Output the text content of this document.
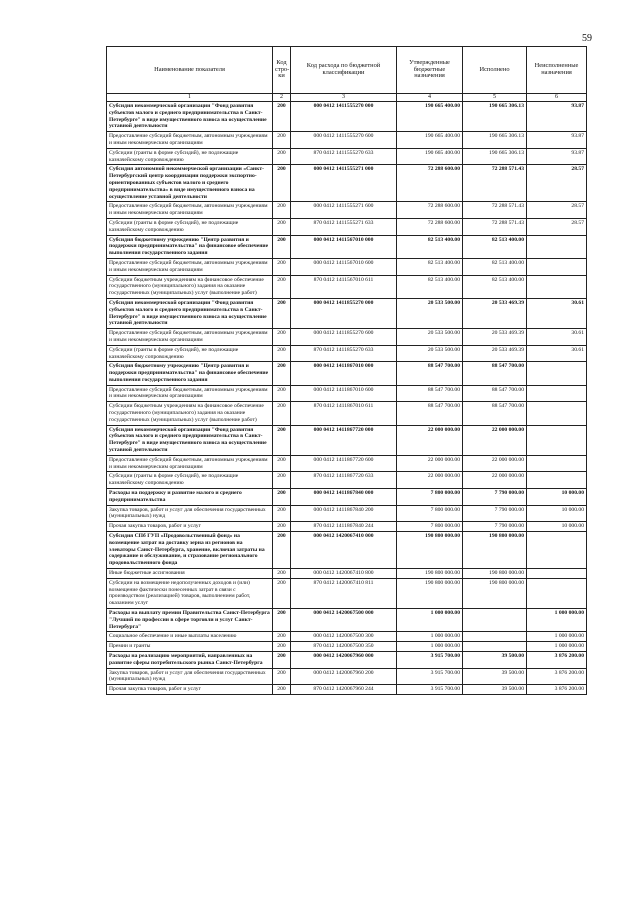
59
Наименование показателя	Код стро-ки	Код расхода по бюджетной классификации	Утвержденные бюджетные назначения	Исполнено	Неисполненные назначения
1	2	3	4	5	6
Субсидия некоммерческой организации "Фонд развития субъектов малого и среднего предпринимательства в Санкт-Петербурге" в виде имущественного взноса на осуществление уставной деятельности	200	000 0412 1411555270 000	190 665 400.00	190 665 306.13	93.87
Предоставление субсидий бюджетным, автономным учреждениям и иным некоммерческим организациям	200	000 0412 1411555270 600	190 665 400.00	190 665 306.13	93.87
Субсидии (гранты в форме субсидий), не подлежащие казначейскому сопровождению	200	870 0412 1411555270 633	190 665 400.00	190 665 306.13	93.87
Субсидия автономной некоммерческой организации «Санкт-Петербургский центр координации поддержки экспортно-ориентированных субъектов малого и среднего предпринимательства» в виде имущественного взноса на осуществление уставной деятельности	200	000 0412 1411555271 000	72 288 600.00	72 288 571.43	28.57
Предоставление субсидий бюджетным, автономным учреждениям и иным некоммерческим организациям	200	000 0412 1411555271 600	72 288 600.00	72 288 571.43	28.57
Субсидии (гранты в форме субсидий), не подлежащие казначейскому сопровождению	200	870 0412 1411555271 633	72 288 600.00	72 288 571.43	28.57
Субсидия бюджетному учреждению "Центр развития и поддержки предпринимательства" на финансовое обеспечение выполнения государственного задания	200	000 0412 1411567010 000	82 513 400.00	82 513 400.00	
Предоставление субсидий бюджетным, автономным учреждениям и иным некоммерческим организациям	200	000 0412 1411567010 600	82 513 400.00	82 513 400.00	
Субсидии бюджетным учреждениям на финансовое обеспечение государственного (муниципального) задания на оказание государственных (муниципальных) услуг (выполнение работ)	200	870 0412 1411567010 611	82 513 400.00	82 513 400.00	
Субсидия некоммерческой организации "Фонд развития субъектов малого и среднего предпринимательства в Санкт-Петербурге" в виде имущественного взноса на осуществление уставной деятельности	200	000 0412 1411855270 000	20 533 500.00	20 533 469.39	30.61
Предоставление субсидий бюджетным, автономным учреждениям и иным некоммерческим организациям	200	000 0412 1411855270 600	20 533 500.00	20 533 469.39	30.61
Субсидии (гранты в форме субсидий), не подлежащие казначейскому сопровождению	200	870 0412 1411855270 633	20 533 500.00	20 533 469.39	30.61
Субсидия бюджетному учреждению "Центр развития и поддержки предпринимательства" на финансовое обеспечение выполнения государственного задания	200	000 0412 1411867010 000	88 547 700.00	88 547 700.00	
Предоставление субсидий бюджетным, автономным учреждениям и иным некоммерческим организациям	200	000 0412 1411867010 600	88 547 700.00	88 547 700.00	
Субсидии бюджетным учреждениям на финансовое обеспечение государственного (муниципального) задания на оказание государственных (муниципальных) услуг (выполнение работ)	200	870 0412 1411867010 611	88 547 700.00	88 547 700.00	
Субсидия некоммерческой организации "Фонд развития субъектов малого и среднего предпринимательства в Санкт-Петербурге" в виде имущественного взноса на осуществление уставной деятельности	200	000 0412 1411867720 000	22 000 000.00	22 000 000.00	
Предоставление субсидий бюджетным, автономным учреждениям и иным некоммерческим организациям	200	000 0412 1411867720 600	22 000 000.00	22 000 000.00	
Субсидии (гранты в форме субсидий), не подлежащие казначейскому сопровождению	200	870 0412 1411867720 633	22 000 000.00	22 000 000.00	
Расходы на поддержку и развитие малого и среднего предпринимательства	200	000 0412 1411867840 000	7 800 000.00	7 790 000.00	10 000.00
Закупка товаров, работ и услуг для обеспечения государственных (муниципальных) нужд	200	000 0412 1411867840 200	7 800 000.00	7 790 000.00	10 000.00
Прочая закупка товаров, работ и услуг	200	870 0412 1411867840 244	7 800 000.00	7 790 000.00	10 000.00
Субсидия СПб ГУП «Продовольственный фонд» на возмещение затрат на доставку зерна из регионов на элеваторы Санкт-Петербурга, хранение, включая затраты на содержание и обслуживание, и стразование регионального продовольственного фонда	200	000 0412 1420067410 000	190 800 000.00	190 800 000.00	
Иные бюджетные ассигнования	200	000 0412 1420067410 800	190 800 000.00	190 800 000.00	
Субсидии на возмещение недополученных доходов и (или) возмещение фактически понесенных затрат в связи с производством (реализацией) товаров, выполнением работ, оказанием услуг	200	870 0412 1420067410 811	190 800 000.00	190 800 000.00	
Расходы на выплату премии Правительства Санкт-Петербурга "Лучший по профессии в сфере торговли и услуг Санкт-Петербурга"	200	000 0412 1420067500 000	1 000 000.00		1 000 000.00
Социальное обеспечение и иные выплаты населению	200	000 0412 1420067500 300	1 000 000.00		1 000 000.00
Премии и гранты	200	870 0412 1420067500 350	1 000 000.00		1 000 000.00
Расходы на реализацию мероприятий, направленных на развитие сферы потребительского рынка Санкт-Петербурга	200	000 0412 1420067960 000	3 915 700.00	39 500.00	3 876 200.00
Закупка товаров, работ и услуг для обеспечения государственных (муниципальных) нужд	200	000 0412 1420067960 200	3 915 700.00	39 500.00	3 876 200.00
Прочая закупка товаров, работ и услуг	200	870 0412 1420067960 244	3 915 700.00	39 500.00	3 876 200.00
